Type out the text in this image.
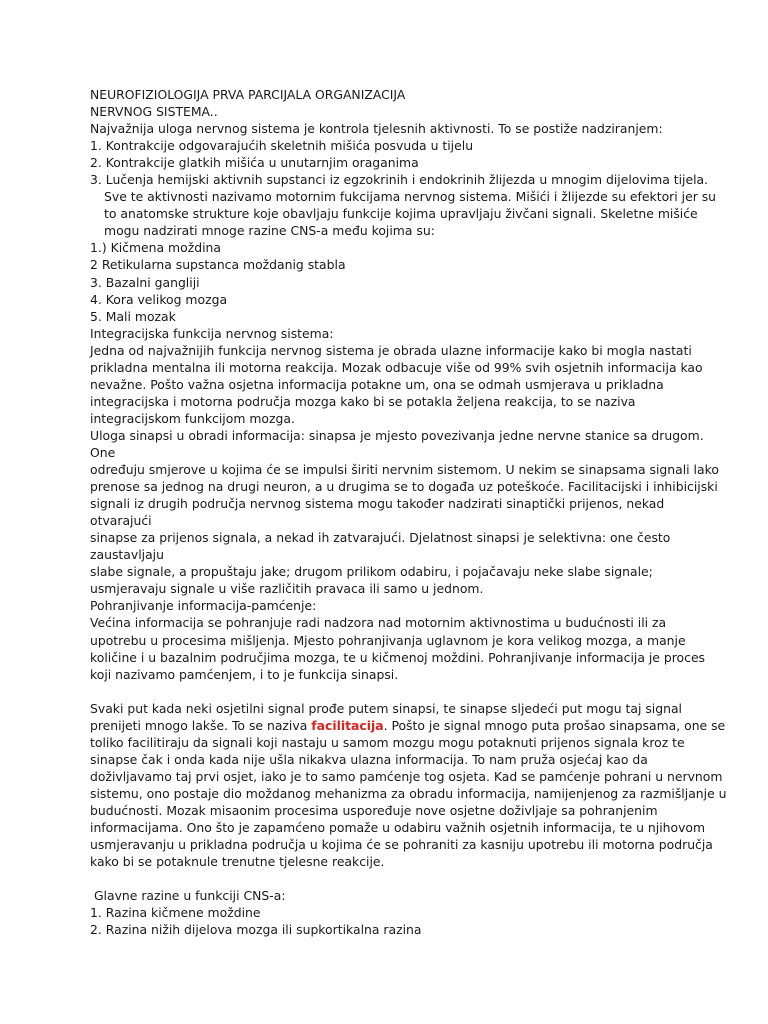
NEUROFIZIOLOGIJA PRVA PARCIJALA ORGANIZACIJA
NERVNOG SISTEMA..
Najvažnija uloga nervnog sistema je kontrola tjelesnih aktivnosti. To se postiže nadziranjem:
1. Kontrakcije odgovarajućih skeletnih mišića posvuda u tijelu
2. Kontrakcije glatkih mišića u unutarnjim oraganima
3. Lučenja hemijski aktivnih supstanci iz egzokrinih i endokrinih žlijezda u mnogim dijelovima tijela.
Sve te aktivnosti nazivamo motornim fukcijama nervnog sistema. Mišići i žlijezde su efektori jer su
to anatomske strukture koje obavljaju funkcije kojima upravljaju živčani signali. Skeletne mišiće
mogu nadzirati mnoge razine CNS-a među kojima su:
1.) Kičmena moždina
2 Retikularna supstanca moždanig stabla
3. Bazalni gangliji
4. Kora velikog mozga
5. Mali mozak
Integracijska funkcija nervnog sistema:
Jedna od najvažnijih funkcija nervnog sistema je obrada ulazne informacije kako bi mogla nastati
prikladna mentalna ili motorna reakcija. Mozak odbacuje više od 99% svih osjetnih informacija kao
nevažne. Pošto važna osjetna informacija potakne um, ona se odmah usmjerava u prikladna
integracijska i motorna područja mozga kako bi se potakla željena reakcija, to se naziva
integracijskom funkcijom mozga.
Uloga sinapsi u obradi informacija: sinapsa je mjesto povezivanja jedne nervne stanice sa drugom.
One
određuju smjerove u kojima će se impulsi širiti nervnim sistemom. U nekim se sinapsama signali lako
prenose sa jednog na drugi neuron, a u drugima se to događa uz poteškoće. Facilitacijski i inhibicijski
signali iz drugih područja nervnog sistema mogu također nadzirati sinaptički prijenos, nekad
otvarajući
sinapse za prijenos signala, a nekad ih zatvarajući. Djelatnost sinapsi je selektivna: one često
zaustavljaju
slabe signale, a propuštaju jake; drugom prilikom odabiru, i pojačavaju neke slabe signale;
usmjeravaju signale u više različitih pravaca ili samo u jednom.
Pohranjivanje informacija-pamćenje:
Većina informacija se pohranjuje radi nadzora nad motornim aktivnostima u budućnosti ili za
upotrebu u procesima mišljenja. Mjesto pohranjivanja uglavnom je kora velikog mozga, a manje
količine i u bazalnim područjima mozga, te u kičmenoj moždini. Pohranjivanje informacija je proces
koji nazivamo pamćenjem, i to je funkcija sinapsi.
Svaki put kada neki osjetilni signal prođe putem sinapsi, te sinapse sljedeći put mogu taj signal
prenijeti mnogo lakše. To se naziva facilitacija. Pošto je signal mnogo puta prošao sinapsama, one se
toliko facilitiraju da signali koji nastaju u samom mozgu mogu potaknuti prijenos signala kroz te
sinapse čak i onda kada nije ušla nikakva ulazna informacija. To nam pruža osjećaj kao da
doživljavamo taj prvi osjet, iako je to samo pamćenje tog osjeta. Kad se pamćenje pohrani u nervnom
sistemu, ono postaje dio moždanog mehanizma za obradu informacija, namijenjenog za razmišljanje u
budućnosti. Mozak misaonim procesima uspoređuje nove osjetne doživljaje sa pohranjenim
informacijama. Ono što je zapamćeno pomaže u odabiru važnih osjetnih informacija, te u njihovom
usmjeravanju u prikladna područja u kojima će se pohraniti za kasniju upotrebu ili motorna područja
kako bi se potaknule trenutne tjelesne reakcije.
Glavne razine u funkciji CNS-a:
1. Razina kičmene moždine
2. Razina nižih dijelova mozga ili supkortikalna razina
